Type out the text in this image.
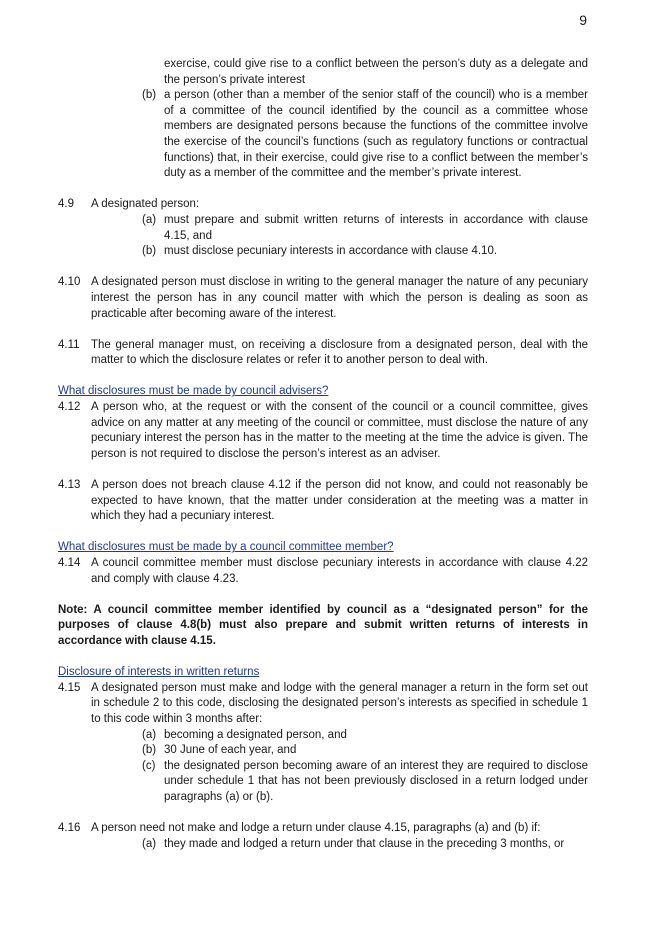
9
exercise, could give rise to a conflict between the person’s duty as a delegate and the person’s private interest
(b) a person (other than a member of the senior staff of the council) who is a member of a committee of the council identified by the council as a committee whose members are designated persons because the functions of the committee involve the exercise of the council’s functions (such as regulatory functions or contractual functions) that, in their exercise, could give rise to a conflict between the member’s duty as a member of the committee and the member’s private interest.
4.9	A designated person:
(a) must prepare and submit written returns of interests in accordance with clause 4.15, and
(b) must disclose pecuniary interests in accordance with clause 4.10.
4.10 A designated person must disclose in writing to the general manager the nature of any pecuniary interest the person has in any council matter with which the person is dealing as soon as practicable after becoming aware of the interest.
4.11 The general manager must, on receiving a disclosure from a designated person, deal with the matter to which the disclosure relates or refer it to another person to deal with.
What disclosures must be made by council advisers?
4.12 A person who, at the request or with the consent of the council or a council committee, gives advice on any matter at any meeting of the council or committee, must disclose the nature of any pecuniary interest the person has in the matter to the meeting at the time the advice is given. The person is not required to disclose the person’s interest as an adviser.
4.13 A person does not breach clause 4.12 if the person did not know, and could not reasonably be expected to have known, that the matter under consideration at the meeting was a matter in which they had a pecuniary interest.
What disclosures must be made by a council committee member?
4.14 A council committee member must disclose pecuniary interests in accordance with clause 4.22 and comply with clause 4.23.
Note: A council committee member identified by council as a “designated person” for the purposes of clause 4.8(b) must also prepare and submit written returns of interests in accordance with clause 4.15.
Disclosure of interests in written returns
4.15 A designated person must make and lodge with the general manager a return in the form set out in schedule 2 to this code, disclosing the designated person’s interests as specified in schedule 1 to this code within 3 months after:
(a) becoming a designated person, and
(b) 30 June of each year, and
(c) the designated person becoming aware of an interest they are required to disclose under schedule 1 that has not been previously disclosed in a return lodged under paragraphs (a) or (b).
4.16 A person need not make and lodge a return under clause 4.15, paragraphs (a) and (b) if:
(a) they made and lodged a return under that clause in the preceding 3 months, or
